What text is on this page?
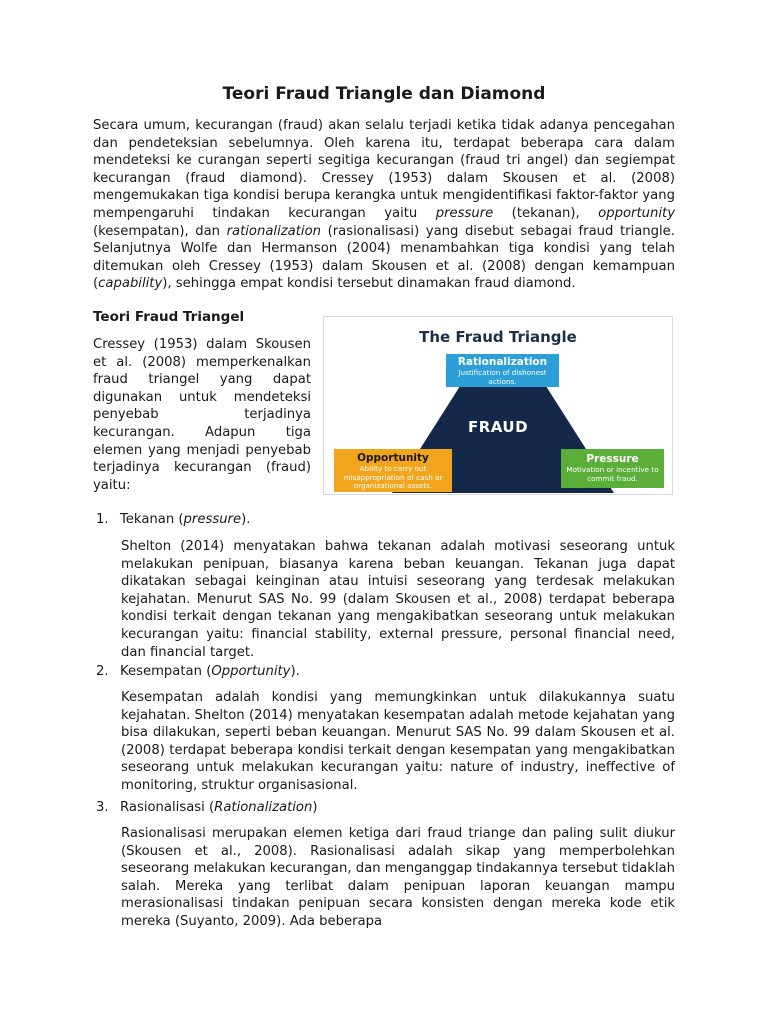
Teori Fraud Triangle dan Diamond

Secara umum, kecurangan (fraud) akan selalu terjadi ketika tidak adanya pencegahan dan pendeteksian sebelumnya. Oleh karena itu, terdapat beberapa cara dalam mendeteksi ke curangan seperti segitiga kecurangan (fraud tri angel) dan segiempat kecurangan (fraud diamond). Cressey (1953) dalam Skousen et al. (2008) mengemukakan tiga kondisi berupa kerangka untuk mengidentifikasi faktor-faktor yang mempengaruhi tindakan kecurangan yaitu pressure (tekanan), opportunity (kesempatan), dan rationalization (rasionalisasi) yang disebut sebagai fraud triangle. Selanjutnya Wolfe dan Hermanson (2004) menambahkan tiga kondisi yang telah ditemukan oleh Cressey (1953) dalam Skousen et al. (2008) dengan kemampuan (capability), sehingga empat kondisi tersebut dinamakan fraud diamond.

Teori Fraud Triangel

Cressey (1953) dalam Skousen et al. (2008) memperkenalkan fraud triangel yang dapat digunakan untuk mendeteksi penyebab terjadinya kecurangan. Adapun tiga elemen yang menjadi penyebab terjadinya kecurangan (fraud) yaitu:

The Fraud Triangle
FRAUD
Rationalization
Justification of dishonest actions.
Opportunity
Ability to carry out misappropriation of cash or organizational assets.
Pressure
Motivation or incentive to commit fraud.

1. Tekanan (pressure).

Shelton (2014) menyatakan bahwa tekanan adalah motivasi seseorang untuk melakukan penipuan, biasanya karena beban keuangan. Tekanan juga dapat dikatakan sebagai keinginan atau intuisi seseorang yang terdesak melakukan kejahatan. Menurut SAS No. 99 (dalam Skousen et al., 2008) terdapat beberapa kondisi terkait dengan tekanan yang mengakibatkan seseorang untuk melakukan kecurangan yaitu: financial stability, external pressure, personal financial need, dan financial target.

2. Kesempatan (Opportunity).

Kesempatan adalah kondisi yang memungkinkan untuk dilakukannya suatu kejahatan. Shelton (2014) menyatakan kesempatan adalah metode kejahatan yang bisa dilakukan, seperti beban keuangan. Menurut SAS No. 99 dalam Skousen et al. (2008) terdapat beberapa kondisi terkait dengan kesempatan yang mengakibatkan seseorang untuk melakukan kecurangan yaitu: nature of industry, ineffective of monitoring, struktur organisasional.

3. Rasionalisasi (Rationalization)

Rasionalisasi merupakan elemen ketiga dari fraud triange dan paling sulit diukur (Skousen et al., 2008). Rasionalisasi adalah sikap yang memperbolehkan seseorang melakukan kecurangan, dan menganggap tindakannya tersebut tidaklah salah. Mereka yang terlibat dalam penipuan laporan keuangan mampu merasionalisasi tindakan penipuan secara konsisten dengan mereka kode etik mereka (Suyanto, 2009). Ada beberapa
